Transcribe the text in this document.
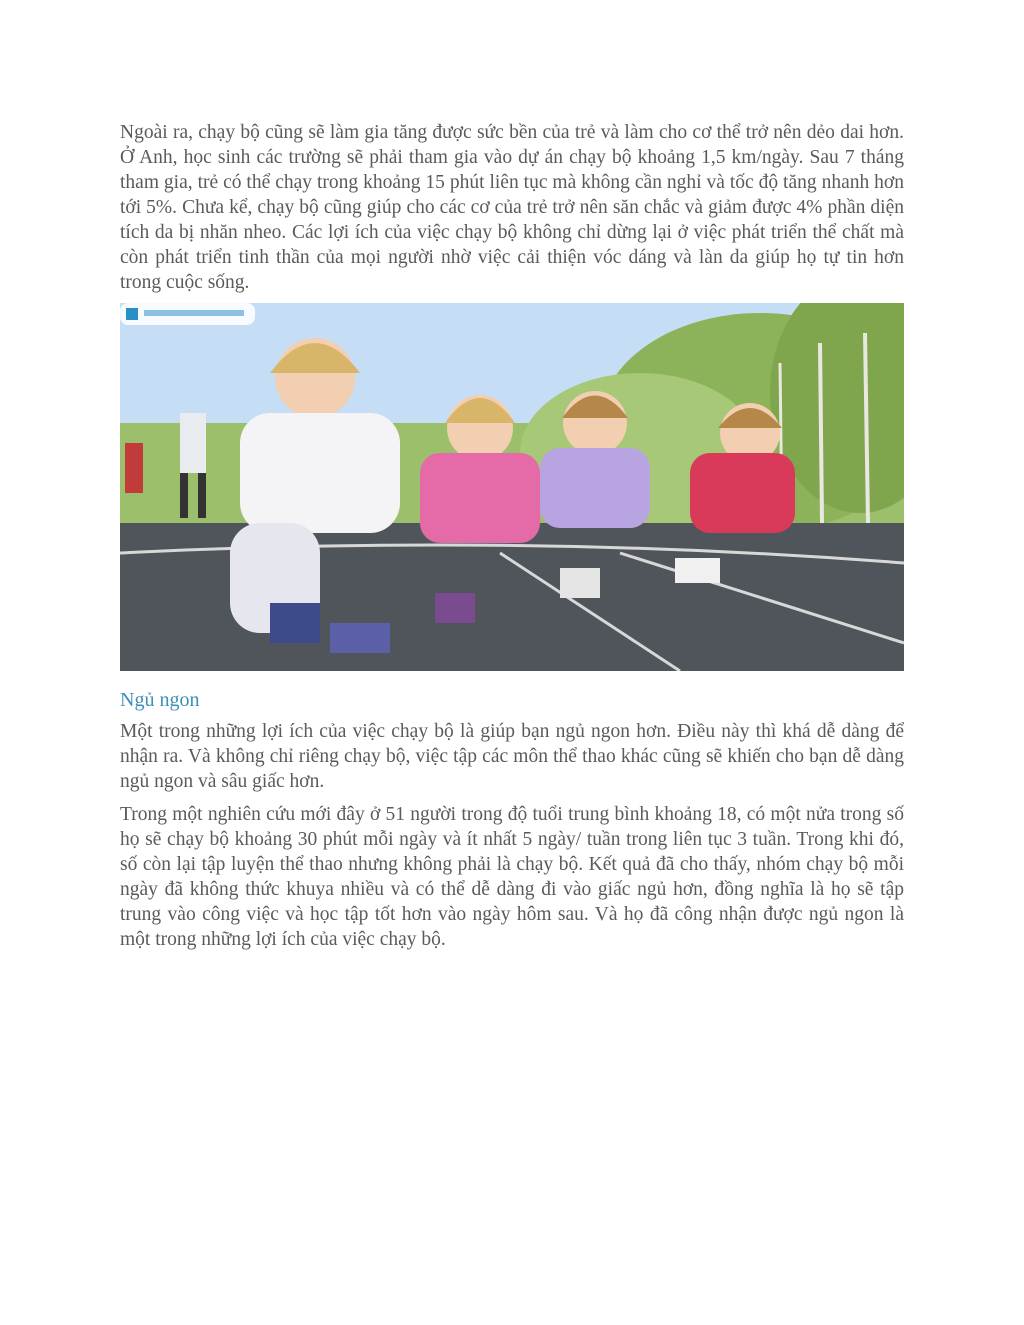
Ngoài ra, chạy bộ cũng sẽ làm gia tăng được sức bền của trẻ và làm cho cơ thể trở nên dẻo dai hơn. Ở Anh, học sinh các trường sẽ phải tham gia vào dự án chạy bộ khoảng 1,5 km/ngày. Sau 7 tháng tham gia, trẻ có thể chạy trong khoảng 15 phút liên tục mà không cần nghỉ và tốc độ tăng nhanh hơn tới 5%. Chưa kể, chạy bộ cũng giúp cho các cơ của trẻ trở nên săn chắc và giảm được 4% phần diện tích da bị nhăn nheo. Các lợi ích của việc chạy bộ không chỉ dừng lại ở việc phát triển thể chất mà còn phát triển tinh thần của mọi người nhờ việc cải thiện vóc dáng và làn da giúp họ tự tin hơn trong cuộc sống.

Ngủ ngon

Một trong những lợi ích của việc chạy bộ là giúp bạn ngủ ngon hơn. Điều này thì khá dễ dàng để nhận ra. Và không chỉ riêng chạy bộ, việc tập các môn thể thao khác cũng sẽ khiến cho bạn dễ dàng ngủ ngon và sâu giấc hơn.

Trong một nghiên cứu mới đây ở 51 người trong độ tuổi trung bình khoảng 18, có một nửa trong số họ sẽ chạy bộ khoảng 30 phút mỗi ngày và ít nhất 5 ngày/ tuần trong liên tục 3 tuần. Trong khi đó, số còn lại tập luyện thể thao nhưng không phải là chạy bộ. Kết quả đã cho thấy, nhóm chạy bộ mỗi ngày đã không thức khuya nhiều và có thể dễ dàng đi vào giấc ngủ hơn, đồng nghĩa là họ sẽ tập trung vào công việc và học tập tốt hơn vào ngày hôm sau. Và họ đã công nhận được ngủ ngon là một trong những lợi ích của việc chạy bộ.
